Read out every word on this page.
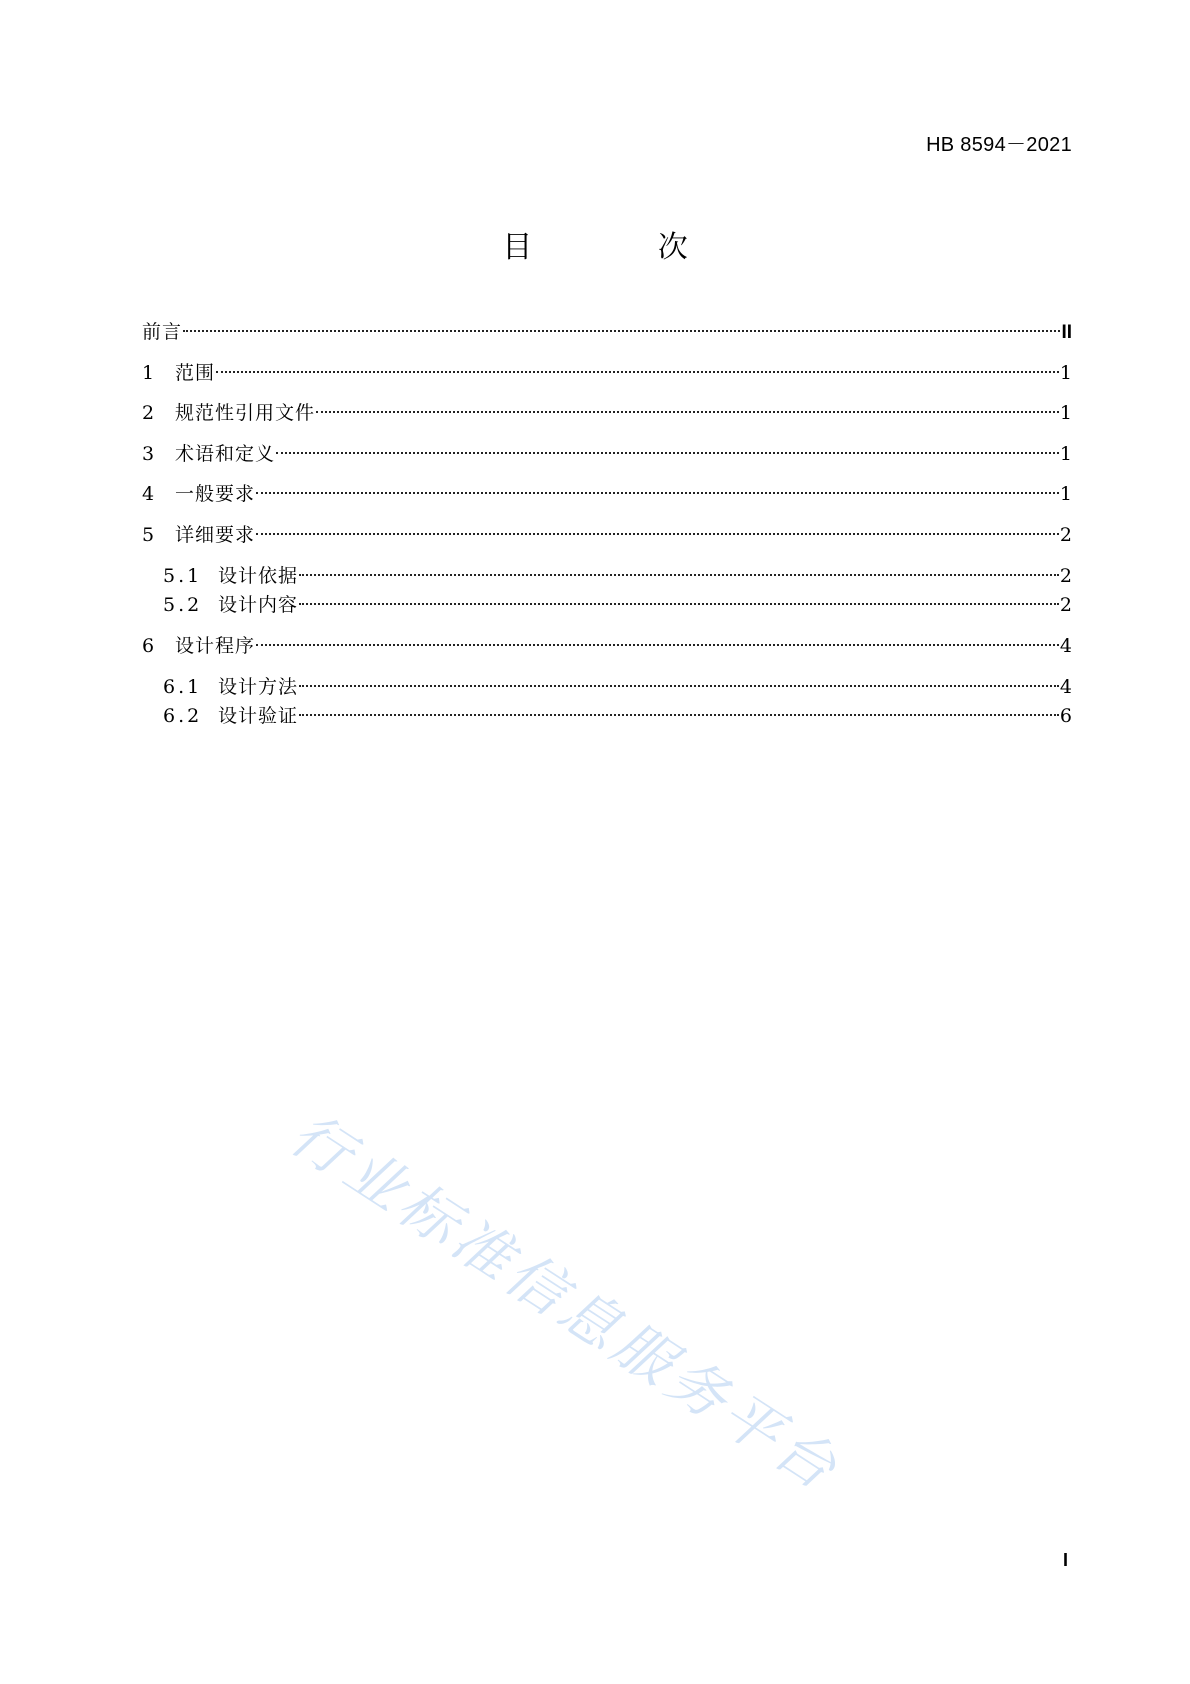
HB 8594－2021
目 次
前言	II
1	范围	1
2	规范性引用文件	1
3	术语和定义	1
4	一般要求	1
5	详细要求	2
5.1 设计依据	2
5.2 设计内容	2
6	设计程序	4
6.1 设计方法	4
6.2 设计验证	6
行业标准信息服务平台
I
